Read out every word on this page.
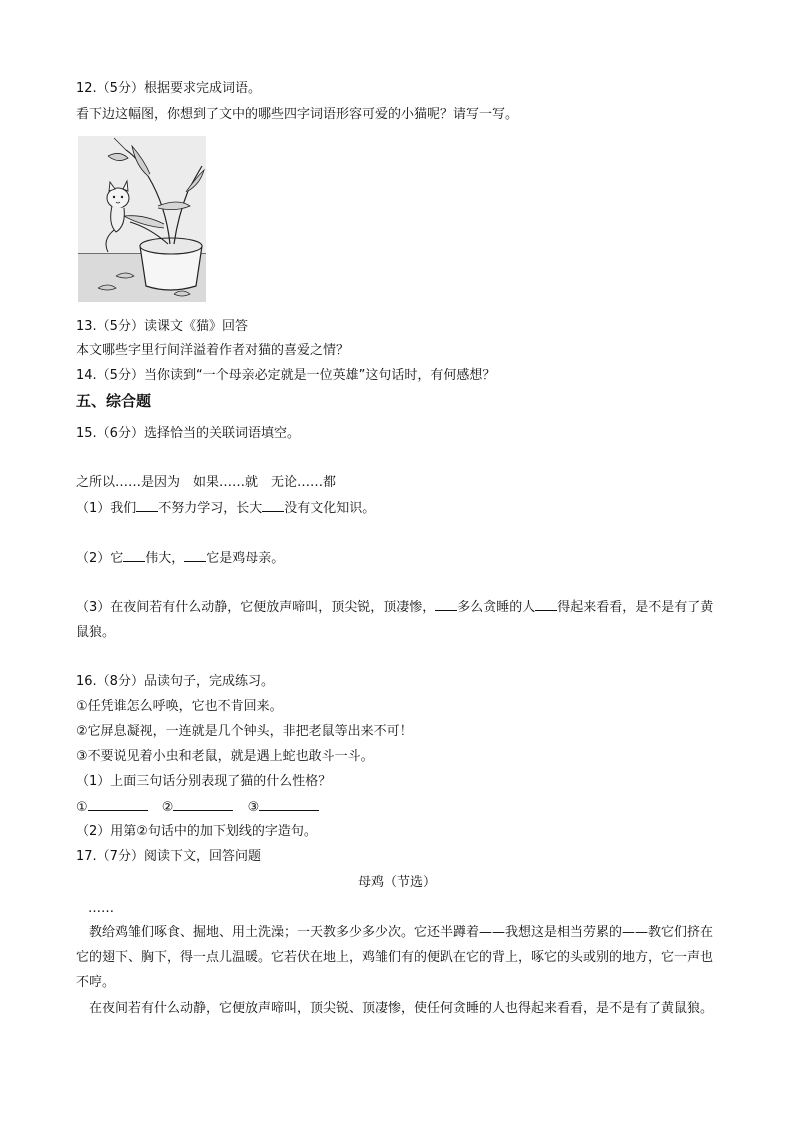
12.（5分）根据要求完成词语。
看下边这幅图，你想到了文中的哪些四字词语形容可爱的小猫呢？请写一写。
13.（5分）读课文《猫》回答
本文哪些字里行间洋溢着作者对猫的喜爱之情？
14.（5分）当你读到“一个母亲必定就是一位英雄”这句话时，有何感想？
五、综合题
15.（6分）选择恰当的关联词语填空。
之所以……是因为　如果……就　无论……都
（1）我们 不努力学习，长大 没有文化知识。
（2）它 伟大， 它是鸡母亲。
（3）在夜间若有什么动静，它便放声啼叫，顶尖锐，顶凄惨， 多么贪睡的人 得起来看看，是不是有了黄鼠狼。
16.（8分）品读句子，完成练习。
①任凭谁怎么呼唤，它也不肯回来。
②它屏息凝视，一连就是几个钟头，非把老鼠等出来不可！
③不要说见着小虫和老鼠，就是遇上蛇也敢斗一斗。
（1）上面三句话分别表现了猫的什么性格？
①	②	③
（2）用第②句话中的加下划线的字造句。
17.（7分）阅读下文，回答问题
母鸡（节选）
……
　教给鸡雏们啄食、掘地、用土洗澡；一天教多少多少次。它还半蹲着——我想这是相当劳累的——教它们挤在它的翅下、胸下，得一点儿温暖。它若伏在地上，鸡雏们有的便趴在它的背上，啄它的头或别的地方，它一声也不哼。
　在夜间若有什么动静，它便放声啼叫，顶尖锐、顶凄惨，使任何贪睡的人也得起来看看，是不是有了黄鼠狼。
